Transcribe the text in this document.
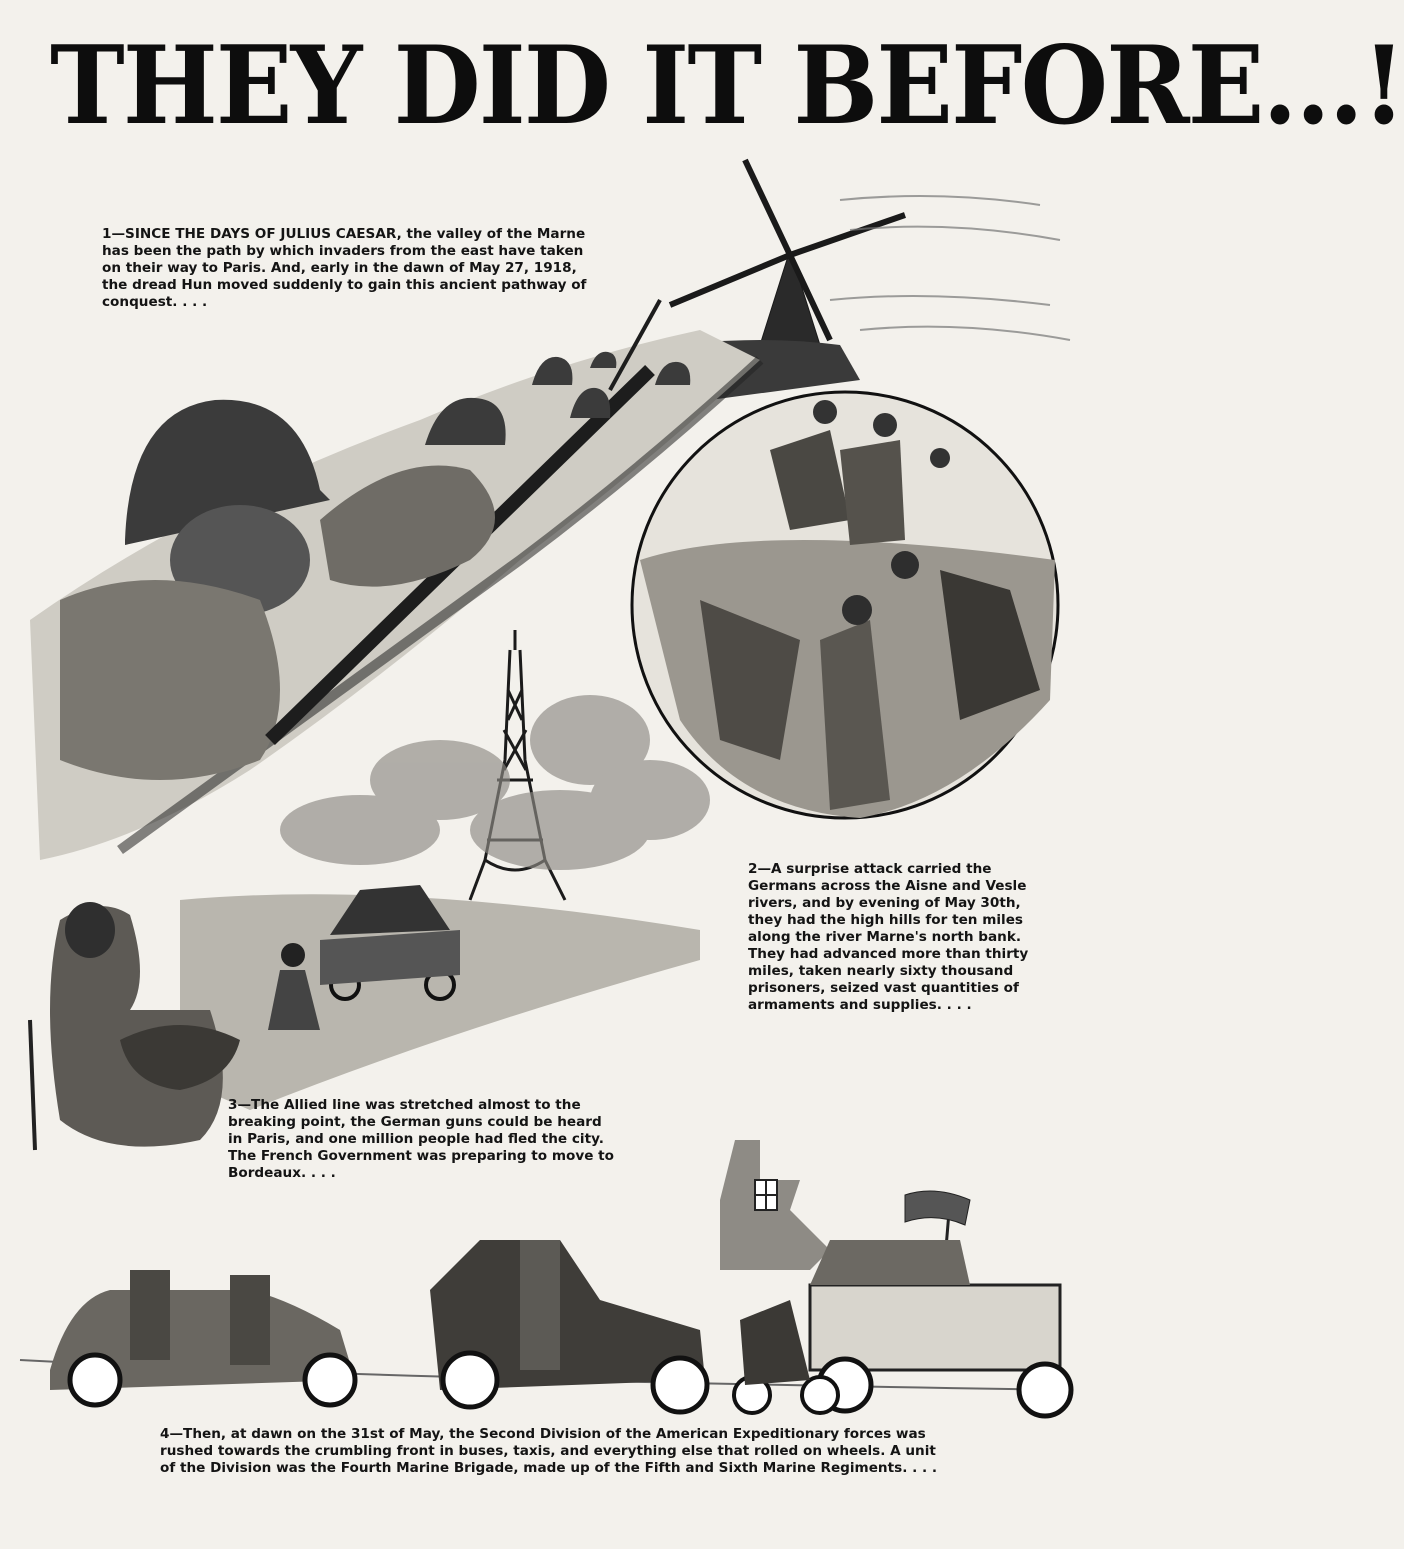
THEY DID IT BEFORE...!
1—SINCE THE DAYS OF JULIUS CAESAR, the valley of the Marne has been the path by which invaders from the east have taken on their way to Paris. And, early in the dawn of May 27, 1918, the dread Hun moved suddenly to gain this ancient pathway of conquest. . . .
2—A surprise attack carried the Germans across the Aisne and Vesle rivers, and by evening of May 30th, they had the high hills for ten miles along the river Marne's north bank. They had advanced more than thirty miles, taken nearly sixty thousand prisoners, seized vast quantities of armaments and supplies. . . .
3—The Allied line was stretched almost to the breaking point, the German guns could be heard in Paris, and one million people had fled the city. The French Government was preparing to move to Bordeaux. . . .
4—Then, at dawn on the 31st of May, the Second Division of the American Expeditionary forces was rushed towards the crumbling front in buses, taxis, and everything else that rolled on wheels. A unit of the Division was the Fourth Marine Brigade, made up of the Fifth and Sixth Marine Regiments. . . .
